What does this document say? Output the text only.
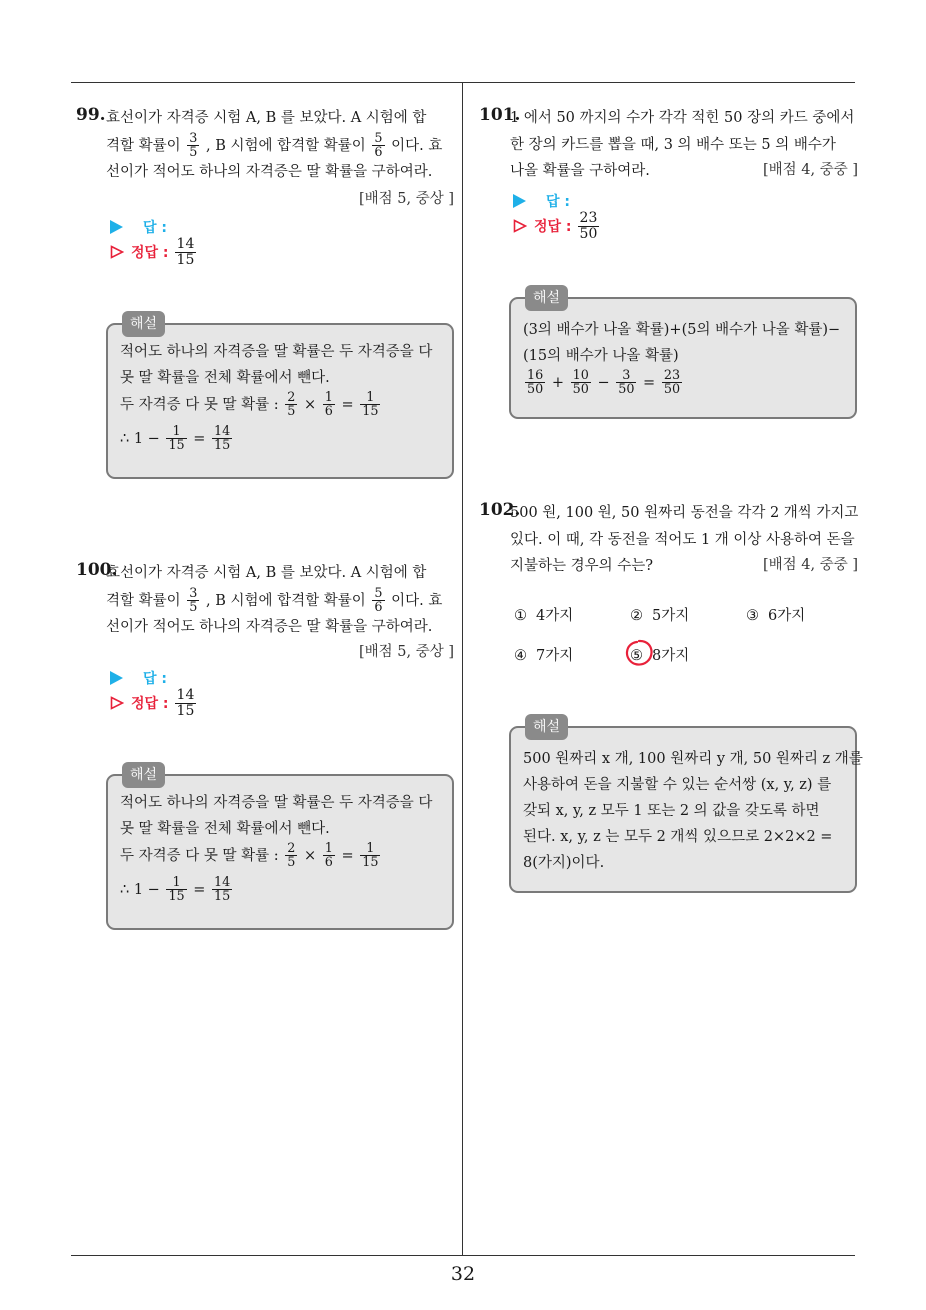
99. 효선이가 자격증 시험 A, B 를 보았다. A 시험에 합
격할 확률이 $\frac{3}{5}$ , B 시험에 합격할 확률이 $\frac{5}{6}$ 이다. 효
선이가 적어도 하나의 자격증은 딸 확률을 구하여라.
[배점 5, 중상 ]
답 :
정답 : $\frac{14}{15}$
해설
적어도 하나의 자격증을 딸 확률은 두 자격증을 다
못 딸 확률을 전체 확률에서 뺀다.
두 자격증 다 못 딸 확률 : $\frac{2}{5} \times \frac{1}{6} = \frac{1}{15}$
∴ $1 - \frac{1}{15} = \frac{14}{15}$
100.
효선이가 자격증 시험 A, B 를 보았다. A 시험에 합
격할 확률이 $\frac{3}{5}$ , B 시험에 합격할 확률이 $\frac{5}{6}$ 이다. 효
선이가 적어도 하나의 자격증은 딸 확률을 구하여라.
[배점 5, 중상 ]
답 :
정답 : $\frac{14}{15}$
해설
적어도 하나의 자격증을 딸 확률은 두 자격증을 다
못 딸 확률을 전체 확률에서 뺀다.
두 자격증 다 못 딸 확률 : $\frac{2}{5} \times \frac{1}{6} = \frac{1}{15}$
∴ $1 - \frac{1}{15} = \frac{14}{15}$
101.
1 에서 50 까지의 수가 각각 적힌 50 장의 카드 중에서
한 장의 카드를 뽑을 때, 3 의 배수 또는 5 의 배수가
나올 확률을 구하여라.	[배점 4, 중중 ]
답 :
정답 : $\frac{23}{50}$
해설
(3의 배수가 나올 확률)+(5의 배수가 나올 확률)−
(15의 배수가 나올 확률)
$\frac{16}{50} + \frac{10}{50} - \frac{3}{50} = \frac{23}{50}$
102.
500 원, 100 원, 50 원짜리 동전을 각각 2 개씩 가지고
있다. 이 때, 각 동전을 적어도 1 개 이상 사용하여 돈을
지불하는 경우의 수는?	[배점 4, 중중 ]
① 4가지	② 5가지	③ 6가지
④ 7가지	⑤ 8가지
해설
500 원짜리 x 개, 100 원짜리 y 개, 50 원짜리 z 개를
사용하여 돈을 지불할 수 있는 순서쌍 (x, y, z) 를
갖되 x, y, z 모두 1 또는 2 의 값을 갖도록 하면
된다. x, y, z 는 모두 2 개씩 있으므로 2×2×2 =
8(가지)이다.
32
